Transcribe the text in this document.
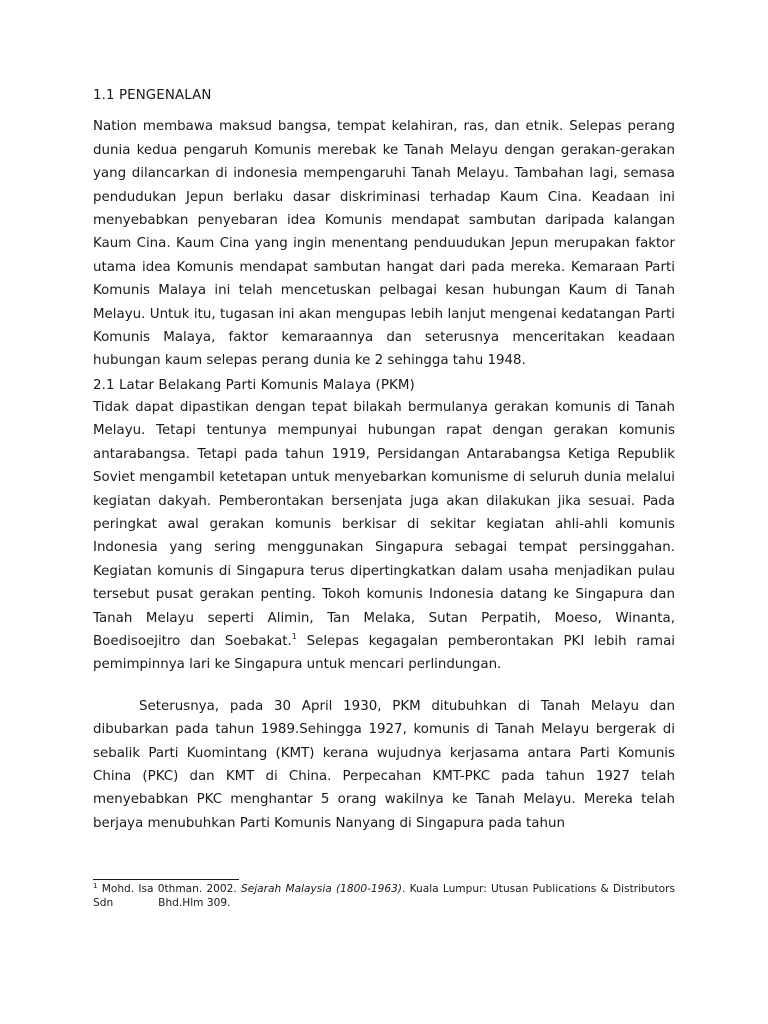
1.1 PENGENALAN

Nation membawa maksud bangsa, tempat kelahiran, ras, dan etnik. Selepas perang dunia kedua pengaruh Komunis merebak ke Tanah Melayu dengan gerakan-gerakan yang dilancarkan di indonesia mempengaruhi Tanah Melayu. Tambahan lagi, semasa pendudukan Jepun berlaku dasar diskriminasi terhadap Kaum Cina. Keadaan ini menyebabkan penyebaran idea Komunis mendapat sambutan daripada kalangan Kaum Cina. Kaum Cina yang ingin menentang penduudukan Jepun merupakan faktor utama idea Komunis mendapat sambutan hangat dari pada mereka. Kemaraan Parti Komunis Malaya ini telah mencetuskan pelbagai kesan hubungan Kaum di Tanah Melayu. Untuk itu, tugasan ini akan mengupas lebih lanjut mengenai kedatangan Parti Komunis Malaya, faktor kemaraannya dan seterusnya menceritakan keadaan hubungan kaum selepas perang dunia ke 2 sehingga tahu 1948.

2.1 Latar Belakang Parti Komunis Malaya (PKM)

Tidak dapat dipastikan dengan tepat bilakah bermulanya gerakan komunis di Tanah Melayu. Tetapi tentunya mempunyai hubungan rapat dengan gerakan komunis antarabangsa. Tetapi pada tahun 1919, Persidangan Antarabangsa Ketiga Republik Soviet mengambil ketetapan untuk menyebarkan komunisme di seluruh dunia melalui kegiatan dakyah. Pemberontakan bersenjata juga akan dilakukan jika sesuai. Pada peringkat awal gerakan komunis berkisar di sekitar kegiatan ahli-ahli komunis Indonesia yang sering menggunakan Singapura sebagai tempat persinggahan. Kegiatan komunis di Singapura terus dipertingkatkan dalam usaha menjadikan pulau tersebut pusat gerakan penting. Tokoh komunis Indonesia datang ke Singapura dan Tanah Melayu seperti Alimin, Tan Melaka, Sutan Perpatih, Moeso, Winanta, Boedisoejitro dan Soebakat.$^1$ Selepas kegagalan pemberontakan PKI lebih ramai pemimpinnya lari ke Singapura untuk mencari perlindungan.

Seterusnya, pada 30 April 1930, PKM ditubuhkan di Tanah Melayu dan dibubarkan pada tahun 1989.Sehingga 1927, komunis di Tanah Melayu bergerak di sebalik Parti Kuomintang (KMT) kerana wujudnya kerjasama antara Parti Komunis China (PKC) dan KMT di China. Perpecahan KMT-PKC pada tahun 1927 telah menyebabkan PKC menghantar 5 orang wakilnya ke Tanah Melayu. Mereka telah berjaya menubuhkan Parti Komunis Nanyang di Singapura pada tahun

$^1$ Mohd. Isa 0thman. 2002. Sejarah Malaysia (1800-1963). Kuala Lumpur: Utusan Publications & Distributors Sdn	Bhd.Hlm 309.
